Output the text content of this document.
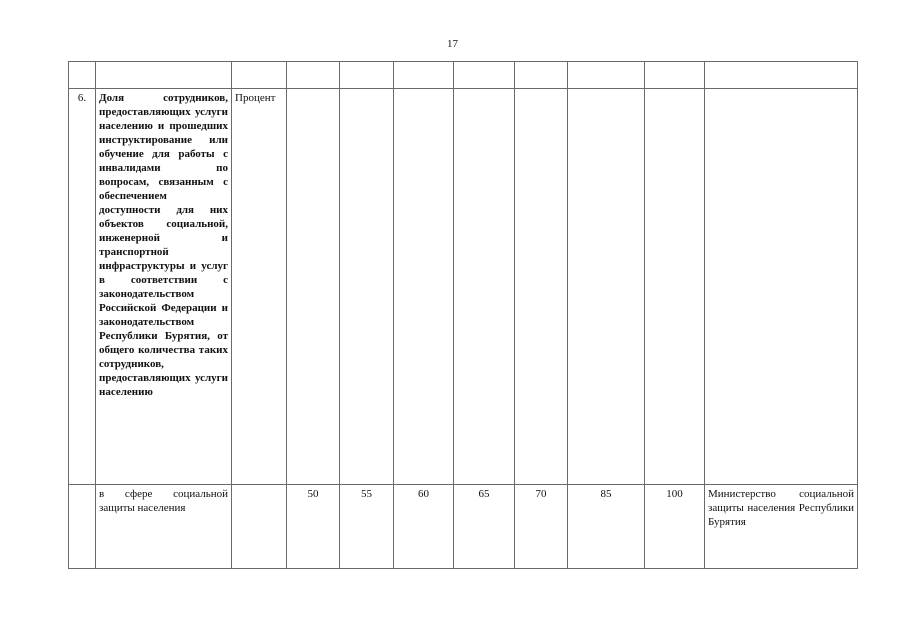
17

6.	Доля сотрудников, предоставляющих услуги населению и прошедших инструктирование или обучение для работы с инвалидами по вопросам, связанным с обеспечением доступности для них объектов социальной, инженерной и транспортной инфраструктуры и услуг в соответствии с законодательством Российской Федерации и законодательством Республики Бурятия, от общего количества таких сотрудников, предоставляющих услуги населению	Процент								
	в сфере социальной защиты населения		50	55	60	65	70	85	100	Министерство социальной защиты населения Республики Бурятия
